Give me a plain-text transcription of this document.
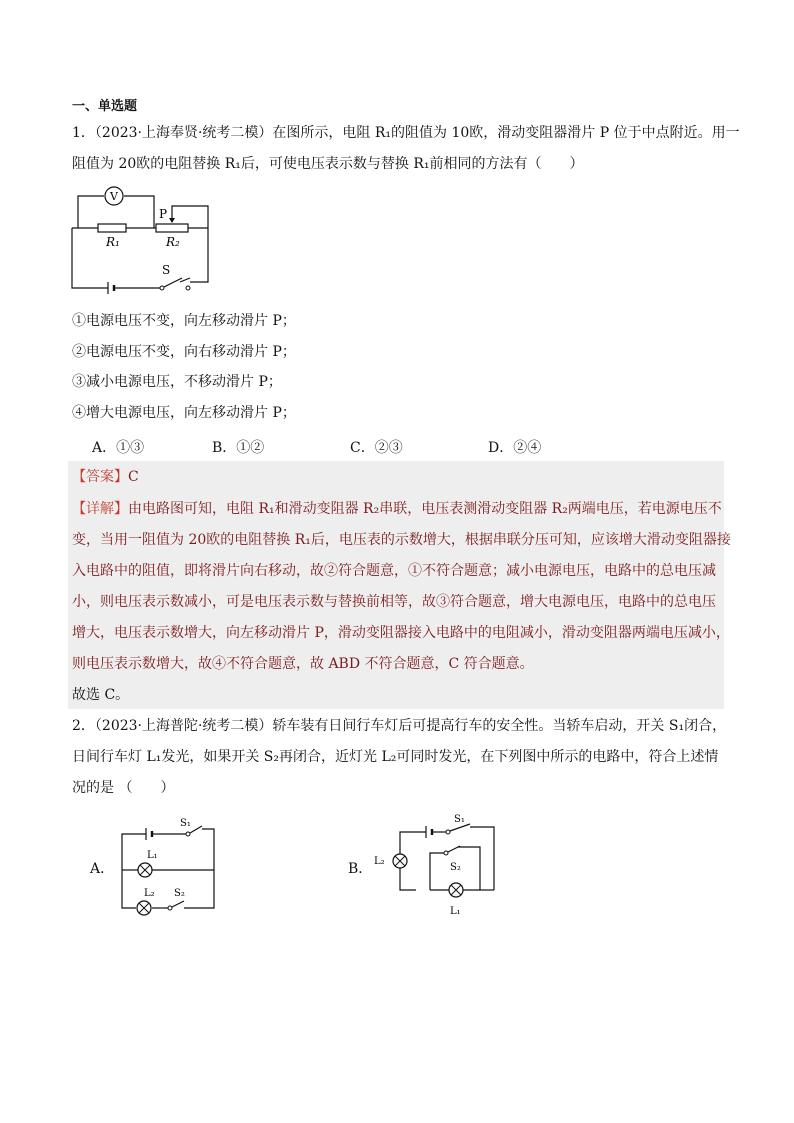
一、单选题
1．（2023·上海奉贤·统考二模）在图所示，电阻 R₁的阻值为 10欧，滑动变阻器滑片 P 位于中点附近。用一
阻值为 20欧的电阻替换 R₁后，可使电压表示数与替换 R₁前相同的方法有（　　）
V
R₁	R₂
P
S
①电源电压不变，向左移动滑片 P；
②电源电压不变，向右移动滑片 P；
③减小电源电压，不移动滑片 P；
④增大电源电压，向左移动滑片 P；
A．①③	B．①②	C．②③	D．②④
【答案】C
【详解】由电路图可知，电阻 R₁和滑动变阻器 R₂串联，电压表测滑动变阻器 R₂两端电压，若电源电压不
变，当用一阻值为 20欧的电阻替换 R₁后，电压表的示数增大，根据串联分压可知，应该增大滑动变阻器接
入电路中的阻值，即将滑片向右移动，故②符合题意，①不符合题意；减小电源电压，电路中的总电压减
小，则电压表示数减小，可是电压表示数与替换前相等，故③符合题意，增大电源电压，电路中的总电压
增大，电压表示数增大，向左移动滑片 P，滑动变阻器接入电路中的电阻减小，滑动变阻器两端电压减小，
则电压表示数增大，故④不符合题意，故 ABD 不符合题意，C 符合题意。
故选 C。
2．（2023·上海普陀·统考二模）轿车装有日间行车灯后可提高行车的安全性。当轿车启动，开关 S₁闭合，
日间行车灯 L₁发光，如果开关 S₂再闭合，近灯光 L₂可同时发光，在下列图中所示的电路中，符合上述情
况的是 （　　）
A．
S₁
L₁
L₂ S₂
B．
S₁
L₂
S₂
L₁
